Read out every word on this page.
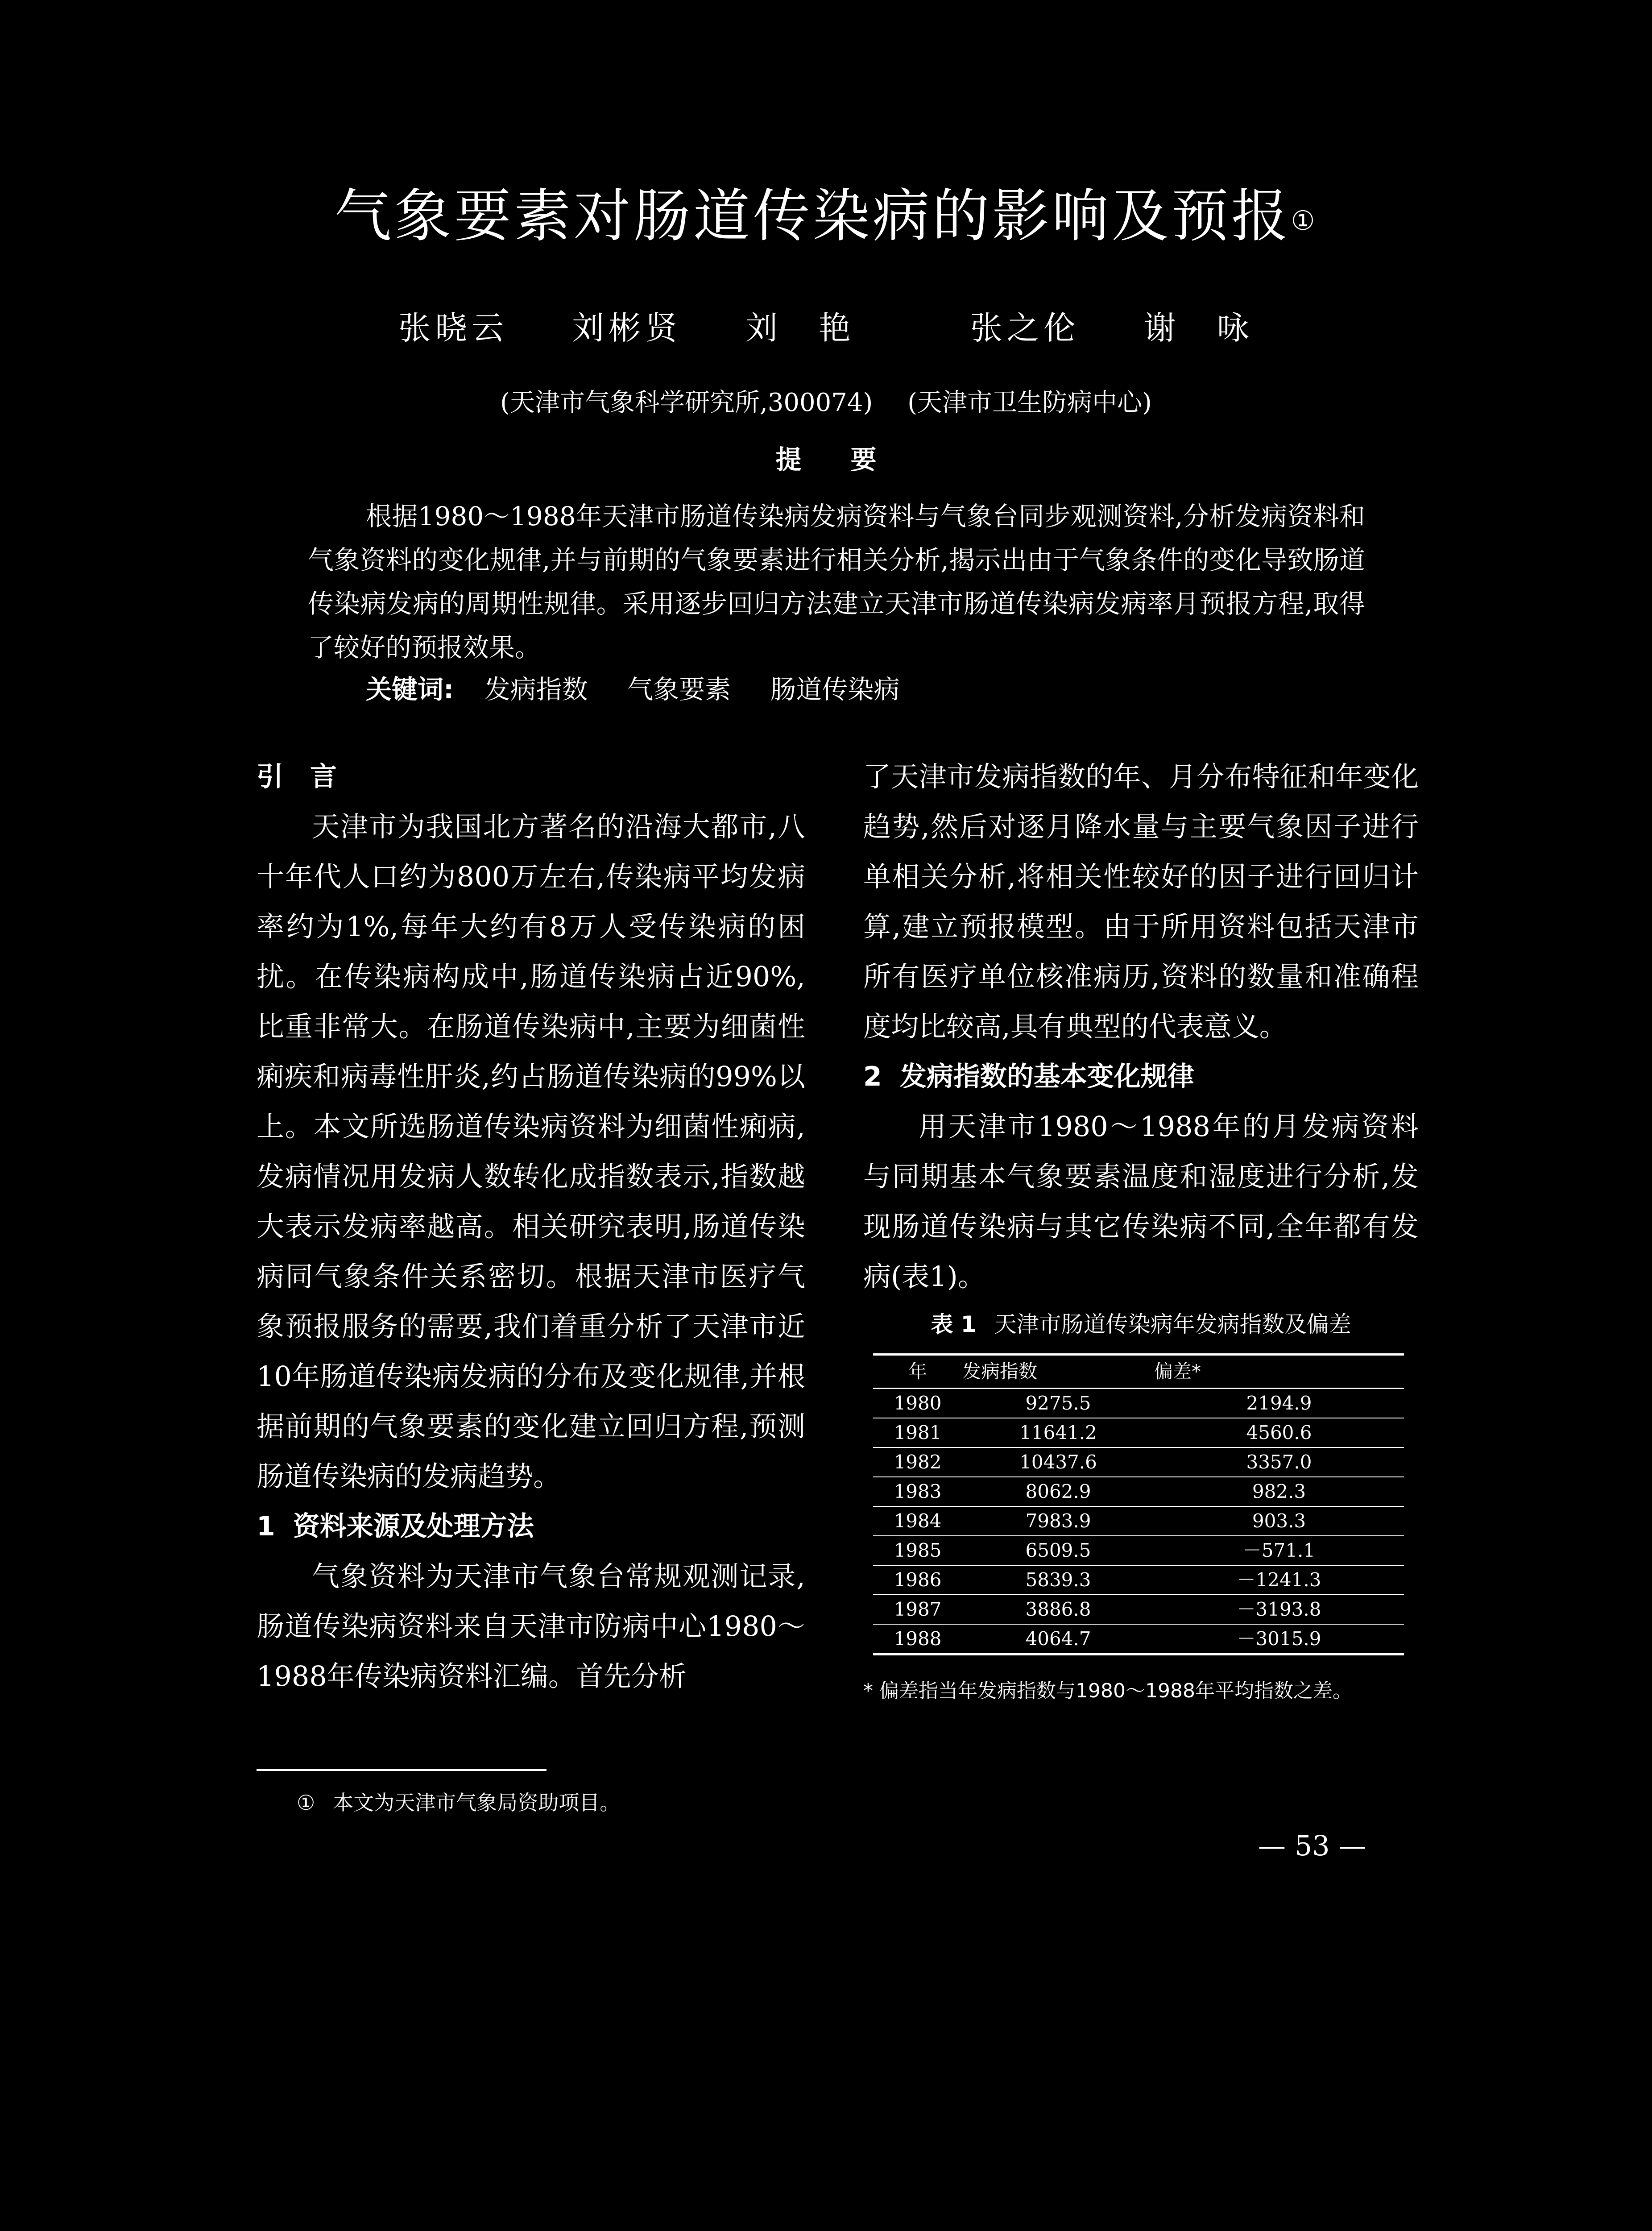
气象要素对肠道传染病的影响及预报①
张晓云 刘彬贤 刘　艳	张之伦 谢　咏
(天津市气象科学研究所,300074) (天津市卫生防病中心)
提要

根据1980～1988年天津市肠道传染病发病资料与气象台同步观测资料,分析发病资料和气象资料的变化规律,并与前期的气象要素进行相关分析,揭示出由于气象条件的变化导致肠道传染病发病的周期性规律。采用逐步回归方法建立天津市肠道传染病发病率月预报方程,取得了较好的预报效果。

关键词: 发病指数 气象要素 肠道传染病
引言

天津市为我国北方著名的沿海大都市,八十年代人口约为800万左右,传染病平均发病率约为1%,每年大约有8万人受传染病的困扰。在传染病构成中,肠道传染病占近90%,比重非常大。在肠道传染病中,主要为细菌性痢疾和病毒性肝炎,约占肠道传染病的99%以上。本文所选肠道传染病资料为细菌性痢病,发病情况用发病人数转化成指数表示,指数越大表示发病率越高。相关研究表明,肠道传染病同气象条件关系密切。根据天津市医疗气象预报服务的需要,我们着重分析了天津市近10年肠道传染病发病的分布及变化规律,并根据前期的气象要素的变化建立回归方程,预测肠道传染病的发病趋势。

1 资料来源及处理方法

气象资料为天津市气象台常规观测记录,肠道传染病资料来自天津市防病中心1980～1988年传染病资料汇编。首先分析

了天津市发病指数的年、月分布特征和年变化趋势,然后对逐月降水量与主要气象因子进行单相关分析,将相关性较好的因子进行回归计算,建立预报模型。由于所用资料包括天津市所有医疗单位核准病历,资料的数量和准确程度均比较高,具有典型的代表意义。

2 发病指数的基本变化规律

用天津市1980～1988年的月发病资料与同期基本气象要素温度和湿度进行分析,发现肠道传染病与其它传染病不同,全年都有发病(表1)。

表 1 天津市肠道传染病年发病指数及偏差
年	发病指数	偏差*
1980	9275.5	2194.9
1981	11641.2	4560.6
1982	10437.6	3357.0
1983	8062.9	982.3
1984	7983.9	903.3
1985	6509.5	－571.1
1986	5839.3	－1241.3
1987	3886.8	－3193.8
1988	4064.7	－3015.9
* 偏差指当年发病指数与1980～1988年平均指数之差。
① 本文为天津市气象局资助项目。
— 53 —
